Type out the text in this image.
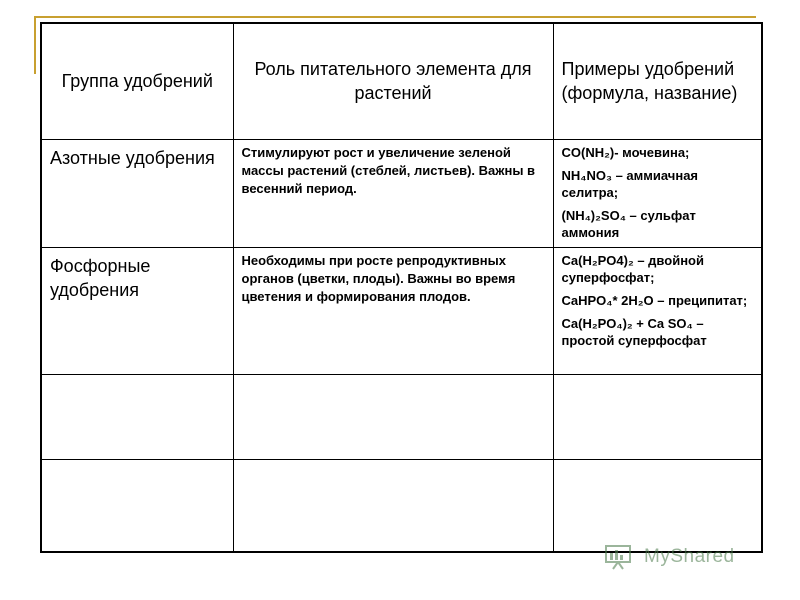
Группа удобрений	Роль питательного элемента для растений	Примеры удобрений (формула, название)

Азотные удобрения	Стимулируют рост и увеличение зеленой массы растений (стеблей, листьев). Важны в весенний период.	CO(NH₂)- мочевина;

NH₄NO₃ – аммиачная селитра;

(NH₄)₂SO₄ – сульфат аммония

Фосфорные удобрения	Необходимы при росте репродуктивных органов (цветки, плоды). Важны во время цветения и формирования плодов.	Ca(H₂PO4)₂ – двойной суперфосфат;

CaHPO₄* 2H₂O – преципитат;

Ca(H₂PO₄)₂ + Ca SO₄ – простой суперфосфат

MyShared
